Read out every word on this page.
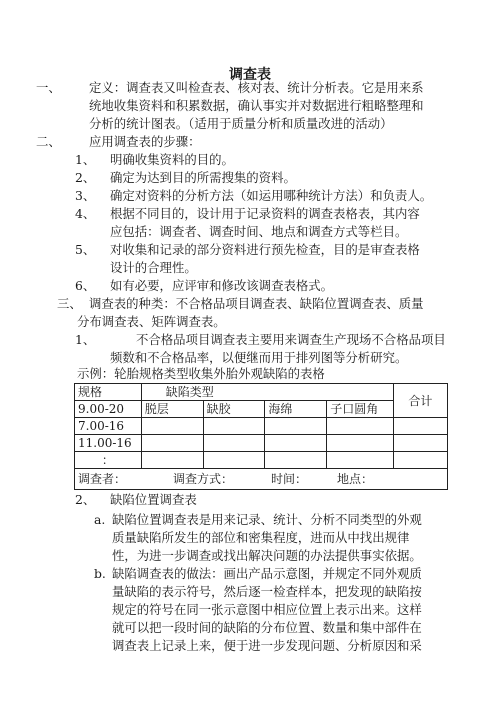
调查表
一、 定义：调查表又叫检查表、核对表、统计分析表。它是用来系
统地收集资料和积累数据，确认事实并对数据进行粗略整理和
分析的统计图表。（适用于质量分析和质量改进的活动）
二、 应用调查表的步骤：
1、 明确收集资料的目的。
2、 确定为达到目的所需搜集的资料。
3、 确定对资料的分析方法（如运用哪种统计方法）和负责人。
4、 根据不同目的，设计用于记录资料的调查表格表，其内容
应包括：调查者、调查时间、地点和调查方式等栏目。
5、 对收集和记录的部分资料进行预先检查，目的是审查表格
设计的合理性。
6、 如有必要，应评审和修改该调查表格式。
三、 调查表的种类：不合格品项目调查表、缺陷位置调查表、质量
分布调查表、矩阵调查表。
1、	不合格品项目调查表主要用来调查生产现场不合格品项目
频数和不合格品率，以便继而用于排列图等分析研究。
示例：轮胎规格类型收集外胎外观缺陷的表格
规格	缺陷类型				合计
9.00-20	脱层	缺胶	海绵	子口圆角	
7.00-16					
11.00-16					
：					
调查者： 调查方式： 时间： 地点：					
2、 缺陷位置调查表
a. 缺陷位置调查表是用来记录、统计、分析不同类型的外观
质量缺陷所发生的部位和密集程度，进而从中找出规律
性，为进一步调查或找出解决问题的办法提供事实依据。
b. 缺陷调查表的做法：画出产品示意图，并规定不同外观质
量缺陷的表示符号，然后逐一检查样本，把发现的缺陷按
规定的符号在同一张示意图中相应位置上表示出来。这样
就可以把一段时间的缺陷的分布位置、数量和集中部件在
调查表上记录上来，便于进一步发现问题、分析原因和采
